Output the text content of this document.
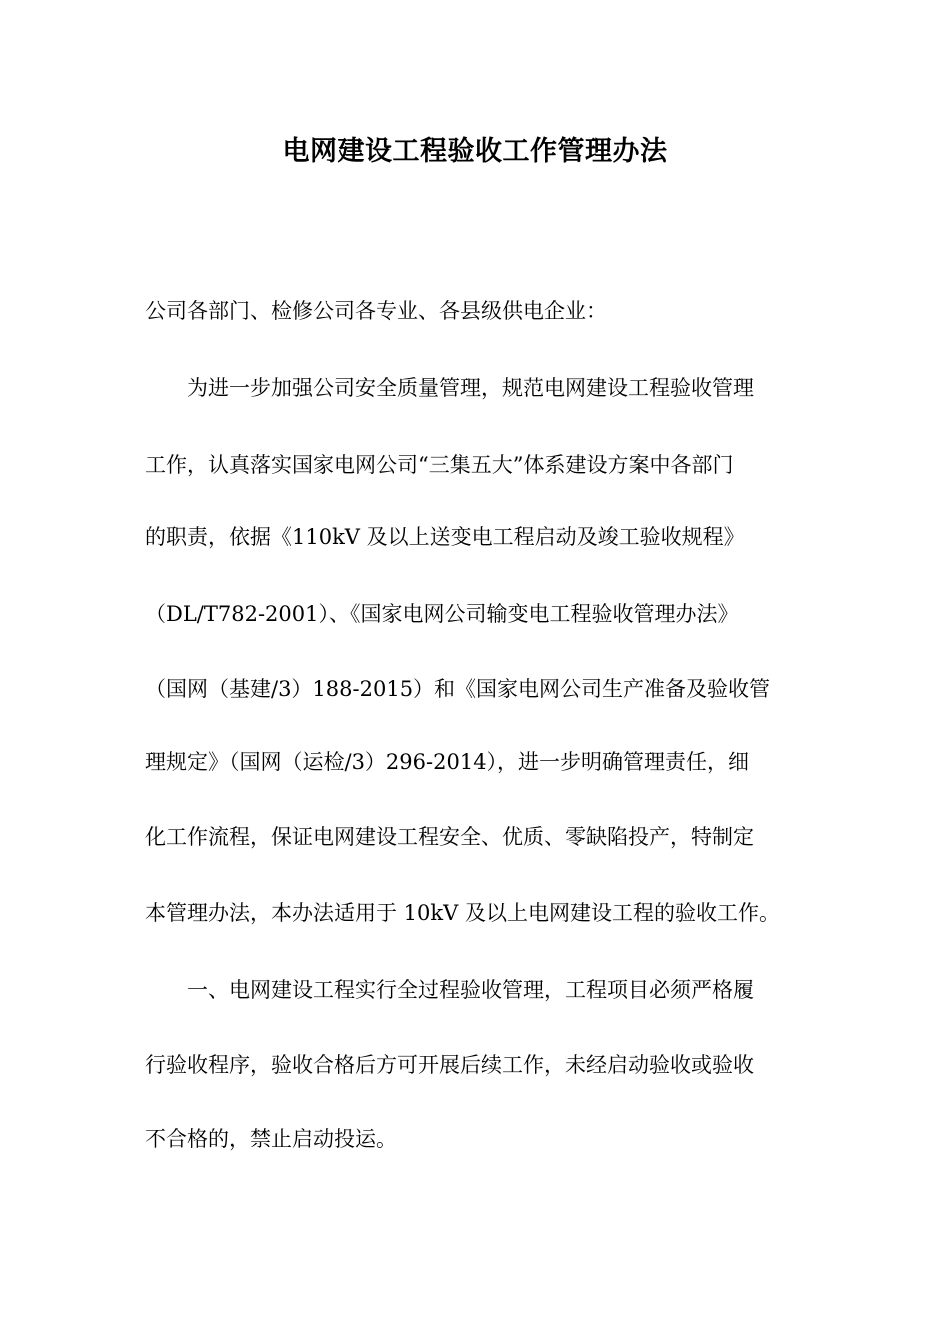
电网建设工程验收工作管理办法
公司各部门、检修公司各专业、各县级供电企业：
　　为进一步加强公司安全质量管理，规范电网建设工程验收管理
工作，认真落实国家电网公司“三集五大”体系建设方案中各部门
的职责，依据《110kV 及以上送变电工程启动及竣工验收规程》
（DL/T782-2001）、《国家电网公司输变电工程验收管理办法》
（国网（基建/3）188-2015）和《国家电网公司生产准备及验收管
理规定》（国网（运检/3）296-2014），进一步明确管理责任，细
化工作流程，保证电网建设工程安全、优质、零缺陷投产，特制定
本管理办法，本办法适用于 10kV 及以上电网建设工程的验收工作。
　　一、电网建设工程实行全过程验收管理，工程项目必须严格履
行验收程序，验收合格后方可开展后续工作，未经启动验收或验收
不合格的，禁止启动投运。
